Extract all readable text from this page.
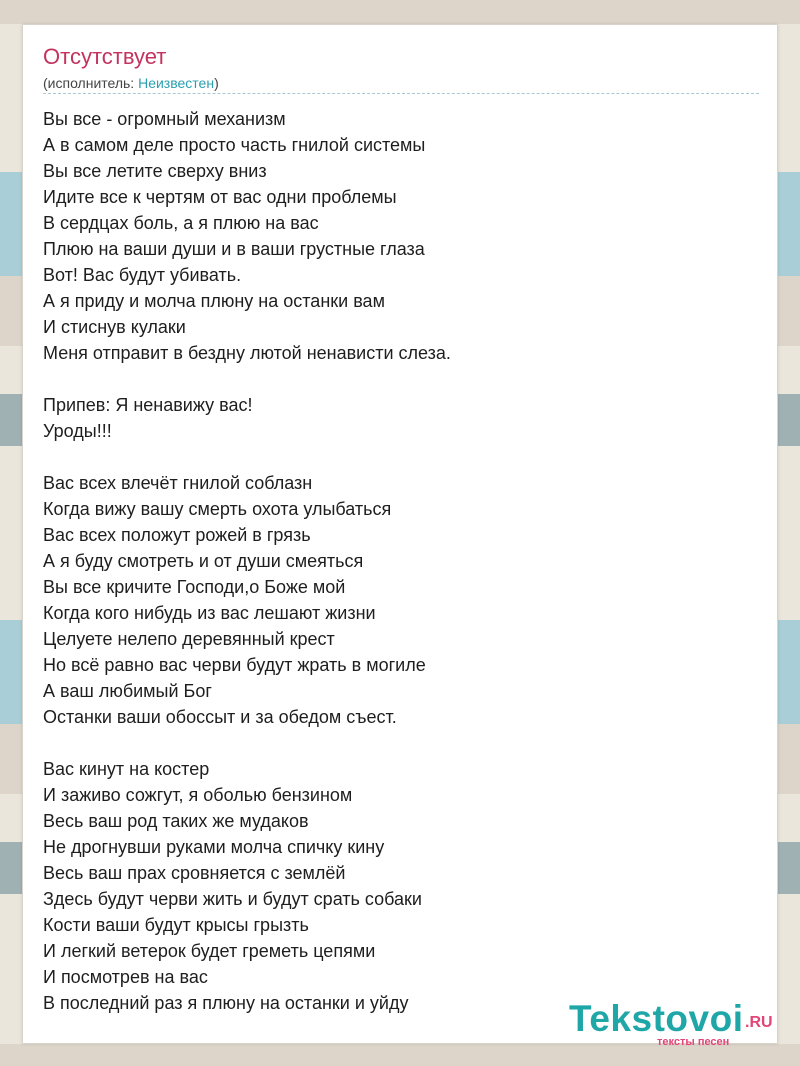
Отсутствует
(исполнитель: Неизвестен)
Вы все - огромный механизм
А в самом деле просто часть гнилой системы
Вы все летите сверху вниз
Идите все к чертям от вас одни проблемы
В сердцах боль, а я плюю на вас
Плюю на ваши души и в ваши грустные глаза
Вот! Вас будут убивать.
А я приду и молча плюну на останки вам
И стиснув кулаки
Меня отправит в бездну лютой ненависти слеза.
Припев: Я ненавижу вас!
Уроды!!!
Вас всех влечёт гнилой соблазн
Когда вижу вашу смерть охота улыбаться
Вас всех положут рожей в грязь
А я буду смотреть и от души смеяться
Вы все кричите Господи,о Боже мой
Когда кого нибудь из вас лешают жизни
Целуете нелепо деревянный крест
Но всё равно вас черви будут жрать в могиле
А ваш любимый Бог
Останки ваши обоссыт и за обедом съест.
Вас кинут на костер
И заживо сожгут, я оболью бензином
Весь ваш род таких же мудаков
Не дрогнувши руками молча спичку кину
Весь ваш прах сровняется с землёй
Здесь будут черви жить и будут срать собаки
Кости ваши будут крысы грызть
И легкий ветерок будет греметь цепями
И посмотрев на вас
В последний раз я плюну на останки и уйду	Tekstovoi .RU
тексты песен
